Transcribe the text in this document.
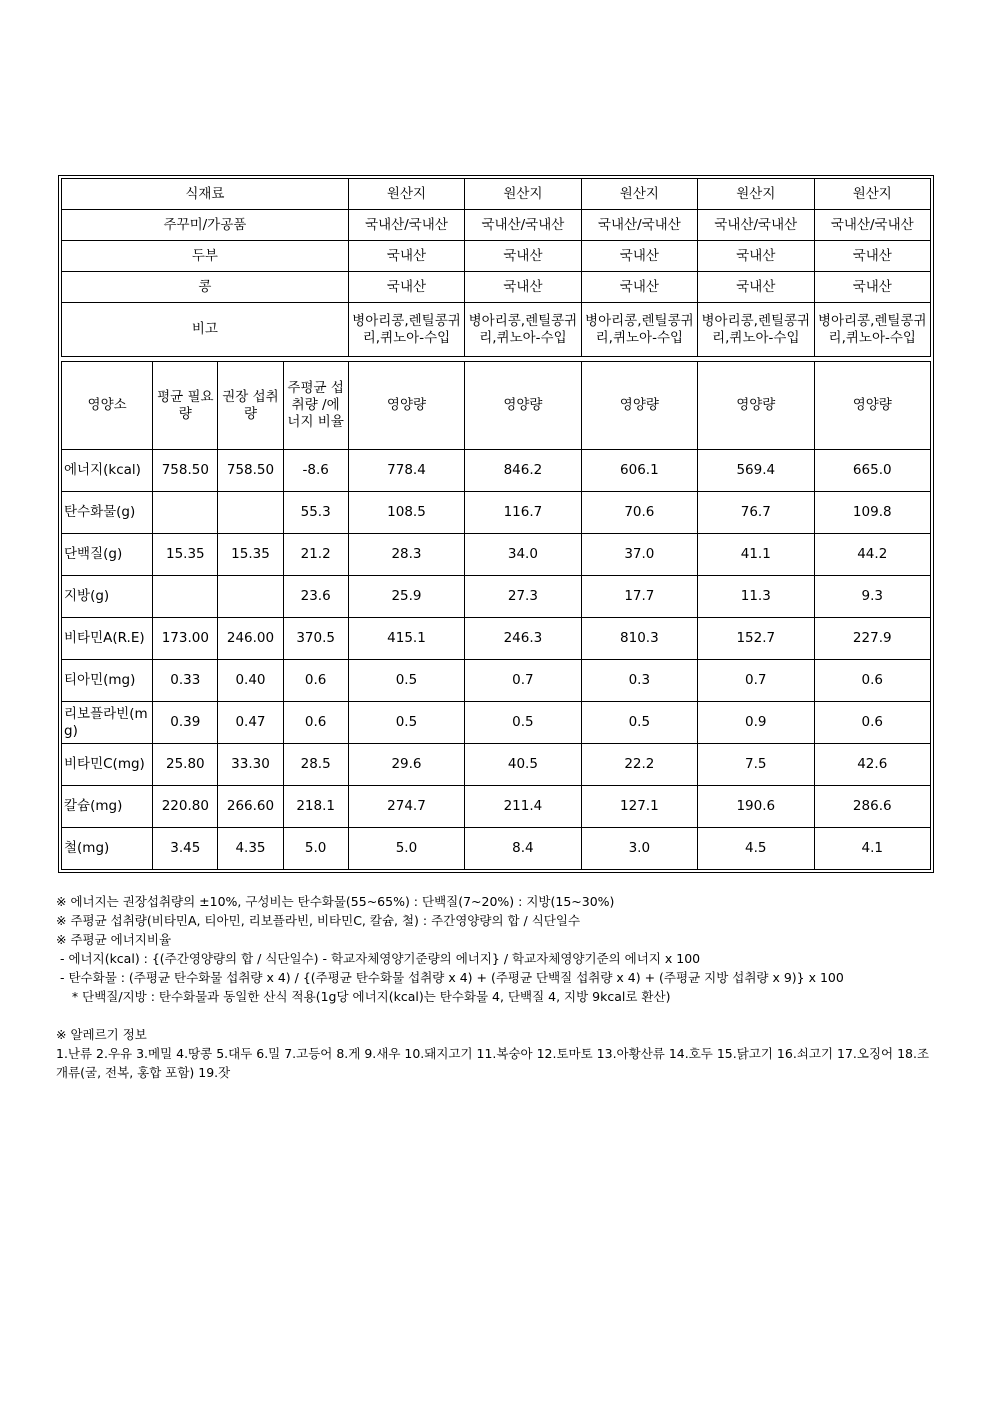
식재료	원산지	원산지	원산지	원산지	원산지
주꾸미/가공품	국내산/국내산	국내산/국내산	국내산/국내산	국내산/국내산	국내산/국내산
두부	국내산	국내산	국내산	국내산	국내산
콩	국내산	국내산	국내산	국내산	국내산
비고	병아리콩,렌틸콩귀리,퀴노아-수입	병아리콩,렌틸콩귀리,퀴노아-수입	병아리콩,렌틸콩귀리,퀴노아-수입	병아리콩,렌틸콩귀리,퀴노아-수입	병아리콩,렌틸콩귀리,퀴노아-수입
영양소	평균 필요량	권장 섭취량	주평균 섭취량 /에너지 비율	영양량	영양량	영양량	영양량	영양량
에너지(kcal)	758.50	758.50	-8.6	778.4	846.2	606.1	569.4	665.0
탄수화물(g)			55.3	108.5	116.7	70.6	76.7	109.8
단백질(g)	15.35	15.35	21.2	28.3	34.0	37.0	41.1	44.2
지방(g)			23.6	25.9	27.3	17.7	11.3	9.3
비타민A(R.E)	173.00	246.00	370.5	415.1	246.3	810.3	152.7	227.9
티아민(mg)	0.33	0.40	0.6	0.5	0.7	0.3	0.7	0.6
리보플라빈(mg)	0.39	0.47	0.6	0.5	0.5	0.5	0.9	0.6
비타민C(mg)	25.80	33.30	28.5	29.6	40.5	22.2	7.5	42.6
칼슘(mg)	220.80	266.60	218.1	274.7	211.4	127.1	190.6	286.6
철(mg)	3.45	4.35	5.0	5.0	8.4	3.0	4.5	4.1
※ 에너지는 권장섭취량의 ±10%, 구성비는 탄수화물(55~65%) : 단백질(7~20%) : 지방(15~30%)
※ 주평균 섭취량(비타민A, 티아민, 리보플라빈, 비타민C, 칼슘, 철) : 주간영양량의 합 / 식단일수
※ 주평균 에너지비율
- 에너지(kcal) : {(주간영양량의 합 / 식단일수) - 학교자체영양기준량의 에너지} / 학교자체영양기준의 에너지 x 100
- 탄수화물 : (주평균 탄수화물 섭취량 x 4) / {(주평균 탄수화물 섭취량 x 4) + (주평균 단백질 섭취량 x 4) + (주평균 지방 섭취량 x 9)} x 100
* 단백질/지방 : 탄수화물과 동일한 산식 적용(1g당 에너지(kcal)는 탄수화물 4, 단백질 4, 지방 9kcal로 환산)
※ 알레르기 정보
1.난류 2.우유 3.메밀 4.땅콩 5.대두 6.밀 7.고등어 8.게 9.새우 10.돼지고기 11.복숭아 12.토마토 13.아황산류 14.호두 15.닭고기 16.쇠고기 17.오징어 18.조개류(굴, 전복, 홍합 포함) 19.잣
